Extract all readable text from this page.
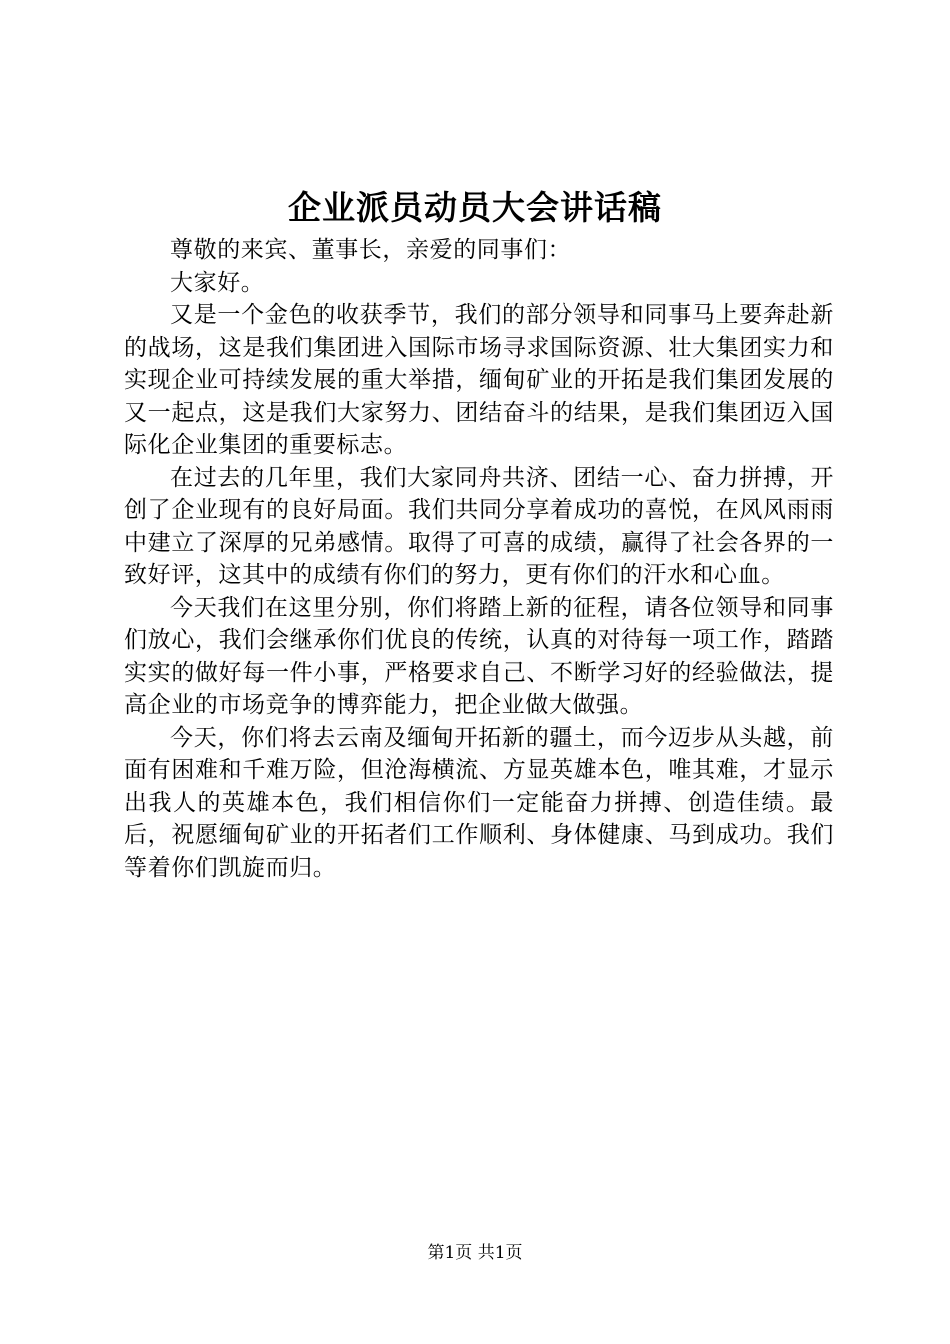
企业派员动员大会讲话稿

尊敬的来宾、董事长，亲爱的同事们：

大家好。

又是一个金色的收获季节，我们的部分领导和同事马上要奔赴新的战场，这是我们集团进入国际市场寻求国际资源、壮大集团实力和实现企业可持续发展的重大举措，缅甸矿业的开拓是我们集团发展的又一起点，这是我们大家努力、团结奋斗的结果，是我们集团迈入国际化企业集团的重要标志。

在过去的几年里，我们大家同舟共济、团结一心、奋力拼搏，开创了企业现有的良好局面。我们共同分享着成功的喜悦，在风风雨雨中建立了深厚的兄弟感情。取得了可喜的成绩，赢得了社会各界的一致好评，这其中的成绩有你们的努力，更有你们的汗水和心血。

今天我们在这里分别，你们将踏上新的征程，请各位领导和同事们放心，我们会继承你们优良的传统，认真的对待每一项工作，踏踏实实的做好每一件小事，严格要求自己、不断学习好的经验做法，提高企业的市场竞争的博弈能力，把企业做大做强。

今天，你们将去云南及缅甸开拓新的疆土，而今迈步从头越，前面有困难和千难万险，但沧海横流、方显英雄本色，唯其难，才显示出我人的英雄本色，我们相信你们一定能奋力拼搏、创造佳绩。最后，祝愿缅甸矿业的开拓者们工作顺利、身体健康、马到成功。我们等着你们凯旋而归。

第1页 共1页
